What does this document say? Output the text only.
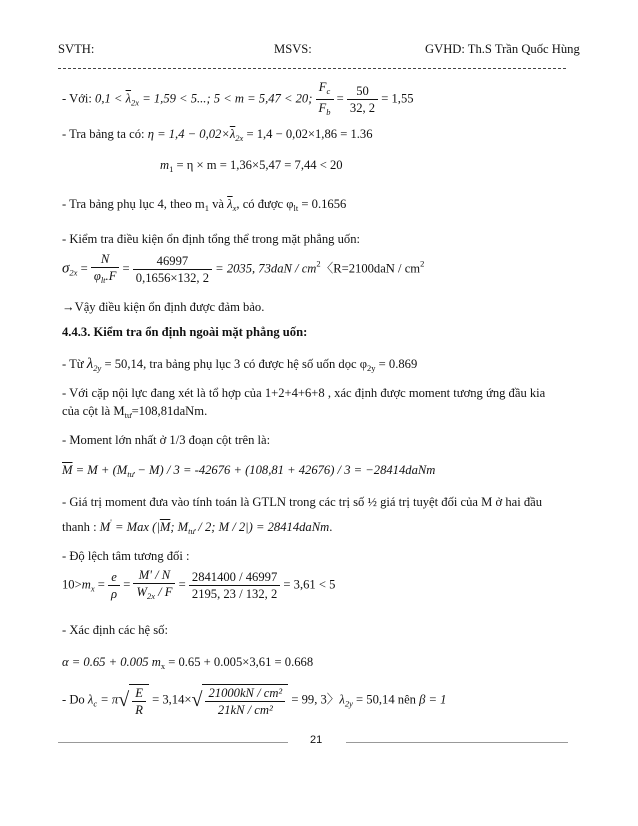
SVTH:	MSVS:	GVHD: Th.S Trần Quốc Hùng
- Với: $0,1 < \overline{\lambda}_{2x} = 1,59 < 5$...; 5 < m = 5,47 < 20; $\frac{F_c}{F_b} = \frac{50}{32, 2} = 1,55$
- Tra bảng ta có: $\eta = 1,4 - 0,02\times\overline{\lambda}_{2x} = 1,4 - 0,02\times 1,86 = 1.36$
$m_1 = \eta \times m = 1,36\times 5,47 = 7,44 < 20$
- Tra bảng phụ lục 4, theo $m_1$ và $\overline{\lambda}_x$, có được $\varphi_{lt} = 0.1656$
- Kiểm tra điều kiện ổn định tổng thể trong mặt phẳng uốn:
$\sigma_{2x} = \frac{N}{\varphi_{lt}.F} = \frac{46997}{0,1656\times 132, 2} = 2035$, $73daN / cm^2$〈$R=2100daN / cm^2$
→Vậy điều kiện ổn định được đảm bảo.
4.4.3. Kiểm tra ổn định ngoài mặt phẳng uốn:
- Từ $\lambda_{2y} = 50,14$, tra bảng phụ lục 3 có được hệ số uốn dọc $\varphi_{2y} = 0.869$
- Với cặp nội lực đang xét là tổ hợp của 1+2+4+6+8 , xác định được moment tương ứng đầu kia
của cột là $M_{tư}=108,81daNm$.
- Moment lớn nhất ở 1/3 đoạn cột trên là:
$\overline{M} = M + (M_{tư} - M) / 3 = -42676 + (108,81 + 42676) / 3$ = −28414daNm
- Giá trị moment đưa vào tính toán là GTLN trong các trị số ½ giá trị tuyệt đối của M ở hai đầu
thanh : M' = Max ($|\overline{M}$; $M_{tư} / 2$; M / 2|) = 28414daNm.
- Độ lệch tâm tương đối :
$10>m_x = \frac{e}{\rho} = \frac{M' / N}{W_{2x} / F} = \frac{2841400 / 46997}{2195, 23 / 132, 2} = 3,61 < 5$
- Xác định các hệ số:
α = 0.65 + 0.005 $m_x = 0.65 + 0.005\times 3,61 = 0.668$
- Do $\lambda_c = \pi√ \frac{E}{R} = 3,14\times√ \frac{\text{21000kN / cm²}}{\text{21kN / cm²}} = 99$, 3〉$\lambda_{2y} = 50,14$ nên β = 1
21
